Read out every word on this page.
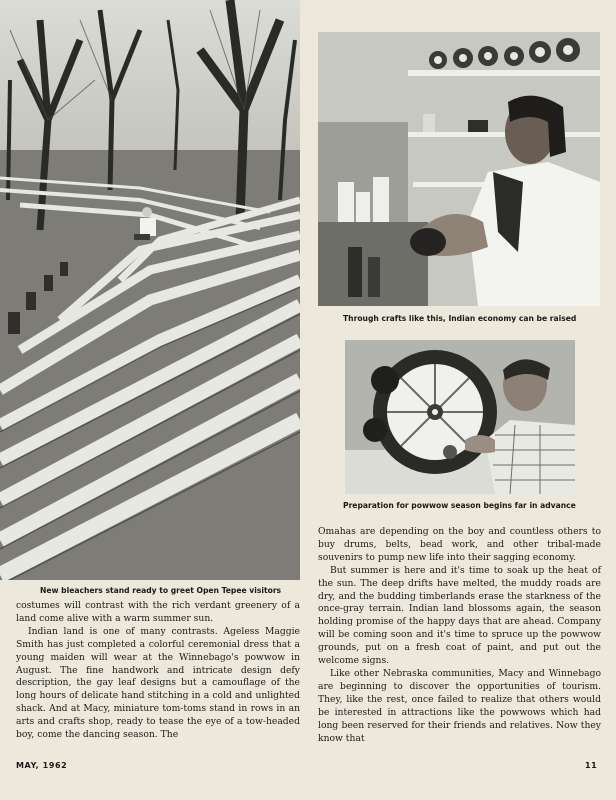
New bleachers stand ready to greet Open Tepee visitors
Through crafts like this, Indian economy can be raised
Preparation for powwow season begins far in advance

costumes will contrast with the rich verdant greenery of a land come alive with a warm summer sun.

Indian land is one of many contrasts. Ageless Maggie Smith has just completed a colorful ceremonial dress that a young maiden will wear at the Winnebago's powwow in August. The fine handwork and intricate design defy description, the gay leaf designs but a camouflage of the long hours of delicate hand stitching in a cold and unlighted shack. And at Macy, miniature tom-toms stand in rows in an arts and crafts shop, ready to tease the eye of a tow-headed boy, come the dancing season. The

Omahas are depending on the boy and countless others to buy drums, belts, bead work, and other tribal-made souvenirs to pump new life into their sagging economy.

But summer is here and it's time to soak up the heat of the sun. The deep drifts have melted, the muddy roads are dry, and the budding timberlands erase the starkness of the once-gray terrain. Indian land blossoms again, the season holding promise of the happy days that are ahead. Company will be coming soon and it's time to spruce up the powwow grounds, put on a fresh coat of paint, and put out the welcome signs.

Like other Nebraska communities, Macy and Winnebago are beginning to discover the opportunities of tourism. They, like the rest, once failed to realize that others would be interested in attractions like the powwows which had long been reserved for their friends and relatives. Now they know that

MAY, 1962	11
